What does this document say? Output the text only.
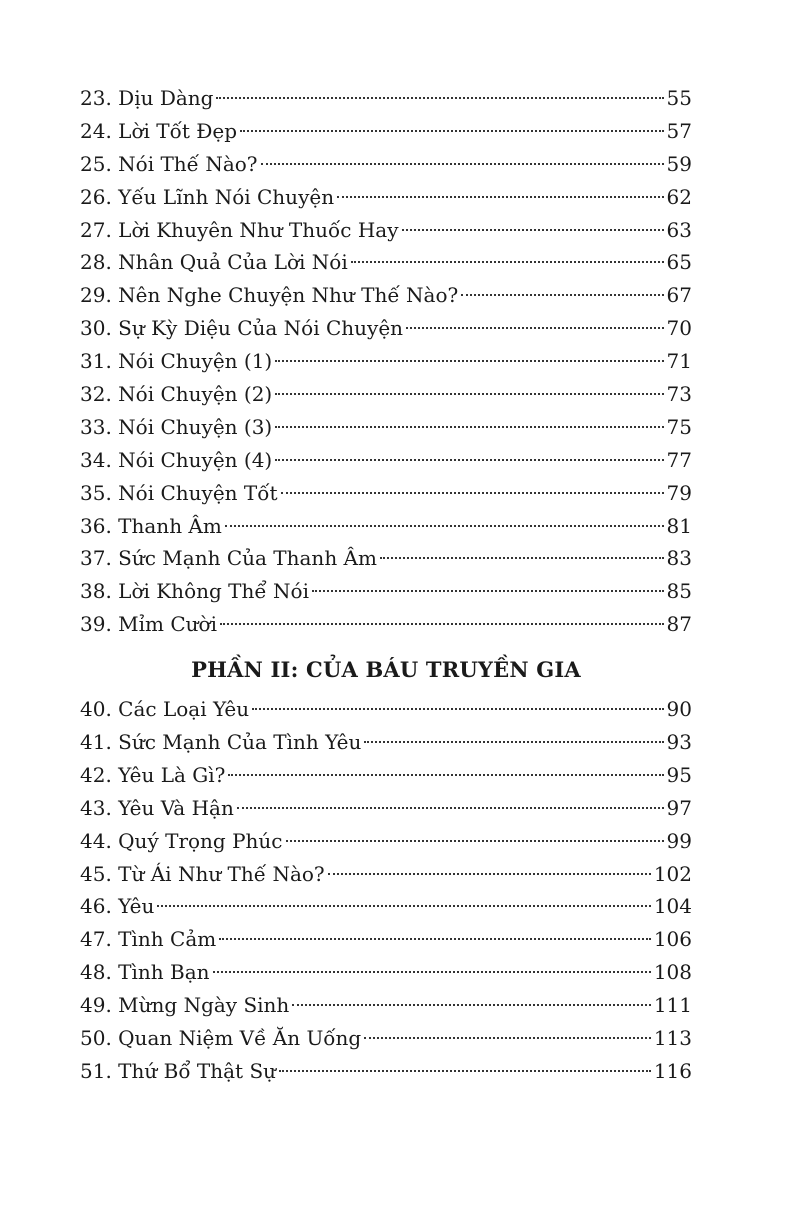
23. Dịu Dàng	55
24. Lời Tốt Đẹp	57
25. Nói Thế Nào?	59
26. Yếu Lĩnh Nói Chuyện	62
27. Lời Khuyên Như Thuốc Hay	63
28. Nhân Quả Của Lời Nói	65
29. Nên Nghe Chuyện Như Thế Nào?	67
30. Sự Kỳ Diệu Của Nói Chuyện	70
31. Nói Chuyện (1)	71
32. Nói Chuyện (2)	73
33. Nói Chuyện (3)	75
34. Nói Chuyện (4)	77
35. Nói Chuyện Tốt	79
36. Thanh Âm	81
37. Sức Mạnh Của Thanh Âm	83
38. Lời Không Thể Nói	85
39. Mỉm Cười	87
PHẦN II: CỦA BÁU TRUYỀN GIA
40. Các Loại Yêu	90
41. Sức Mạnh Của Tình Yêu	93
42. Yêu Là Gì?	95
43. Yêu Và Hận	97
44. Quý Trọng Phúc	99
45. Từ Ái Như Thế Nào?	102
46. Yêu	104
47. Tình Cảm	106
48. Tình Bạn	108
49. Mừng Ngày Sinh	111
50. Quan Niệm Về Ăn Uống	113
51. Thứ Bổ Thật Sự	116
